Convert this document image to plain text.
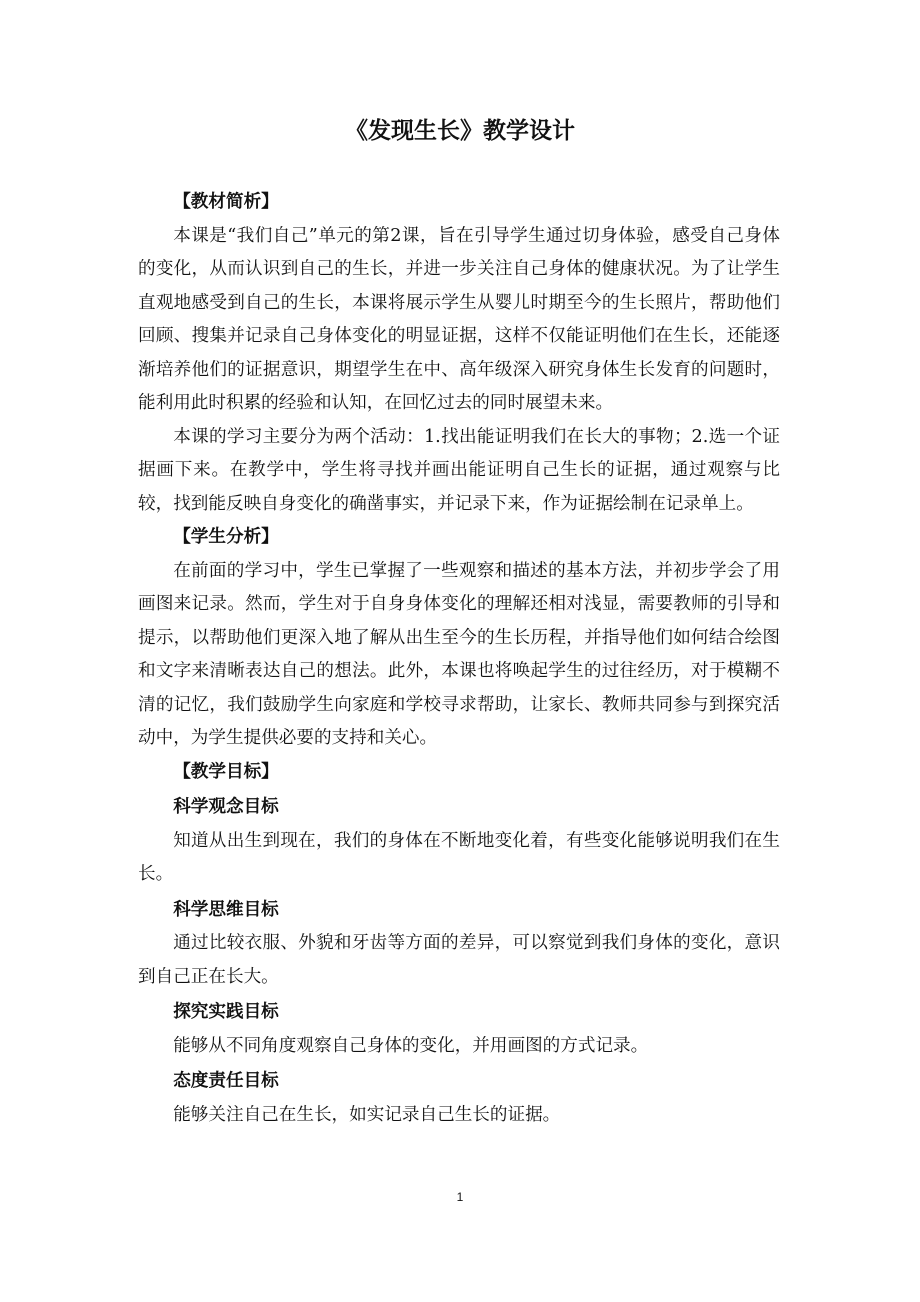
《发现生长》教学设计
【教材简析】

本课是“我们自己”单元的第2课，旨在引导学生通过切身体验，感受自己身体的变化，从而认识到自己的生长，并进一步关注自己身体的健康状况。为了让学生直观地感受到自己的生长，本课将展示学生从婴儿时期至今的生长照片，帮助他们回顾、搜集并记录自己身体变化的明显证据，这样不仅能证明他们在生长，还能逐渐培养他们的证据意识，期望学生在中、高年级深入研究身体生长发育的问题时，能利用此时积累的经验和认知，在回忆过去的同时展望未来。

本课的学习主要分为两个活动：1.找出能证明我们在长大的事物；2.选一个证据画下来。在教学中，学生将寻找并画出能证明自己生长的证据，通过观察与比较，找到能反映自身变化的确凿事实，并记录下来，作为证据绘制在记录单上。

【学生分析】

在前面的学习中，学生已掌握了一些观察和描述的基本方法，并初步学会了用画图来记录。然而，学生对于自身身体变化的理解还相对浅显，需要教师的引导和提示，以帮助他们更深入地了解从出生至今的生长历程，并指导他们如何结合绘图和文字来清晰表达自己的想法。此外，本课也将唤起学生的过往经历，对于模糊不清的记忆，我们鼓励学生向家庭和学校寻求帮助，让家长、教师共同参与到探究活动中，为学生提供必要的支持和关心。

【教学目标】
科学观念目标

知道从出生到现在，我们的身体在不断地变化着，有些变化能够说明我们在生长。

科学思维目标

通过比较衣服、外貌和牙齿等方面的差异，可以察觉到我们身体的变化，意识到自己正在长大。

探究实践目标

能够从不同角度观察自己身体的变化，并用画图的方式记录。

态度责任目标

能够关注自己在生长，如实记录自己生长的证据。

1
